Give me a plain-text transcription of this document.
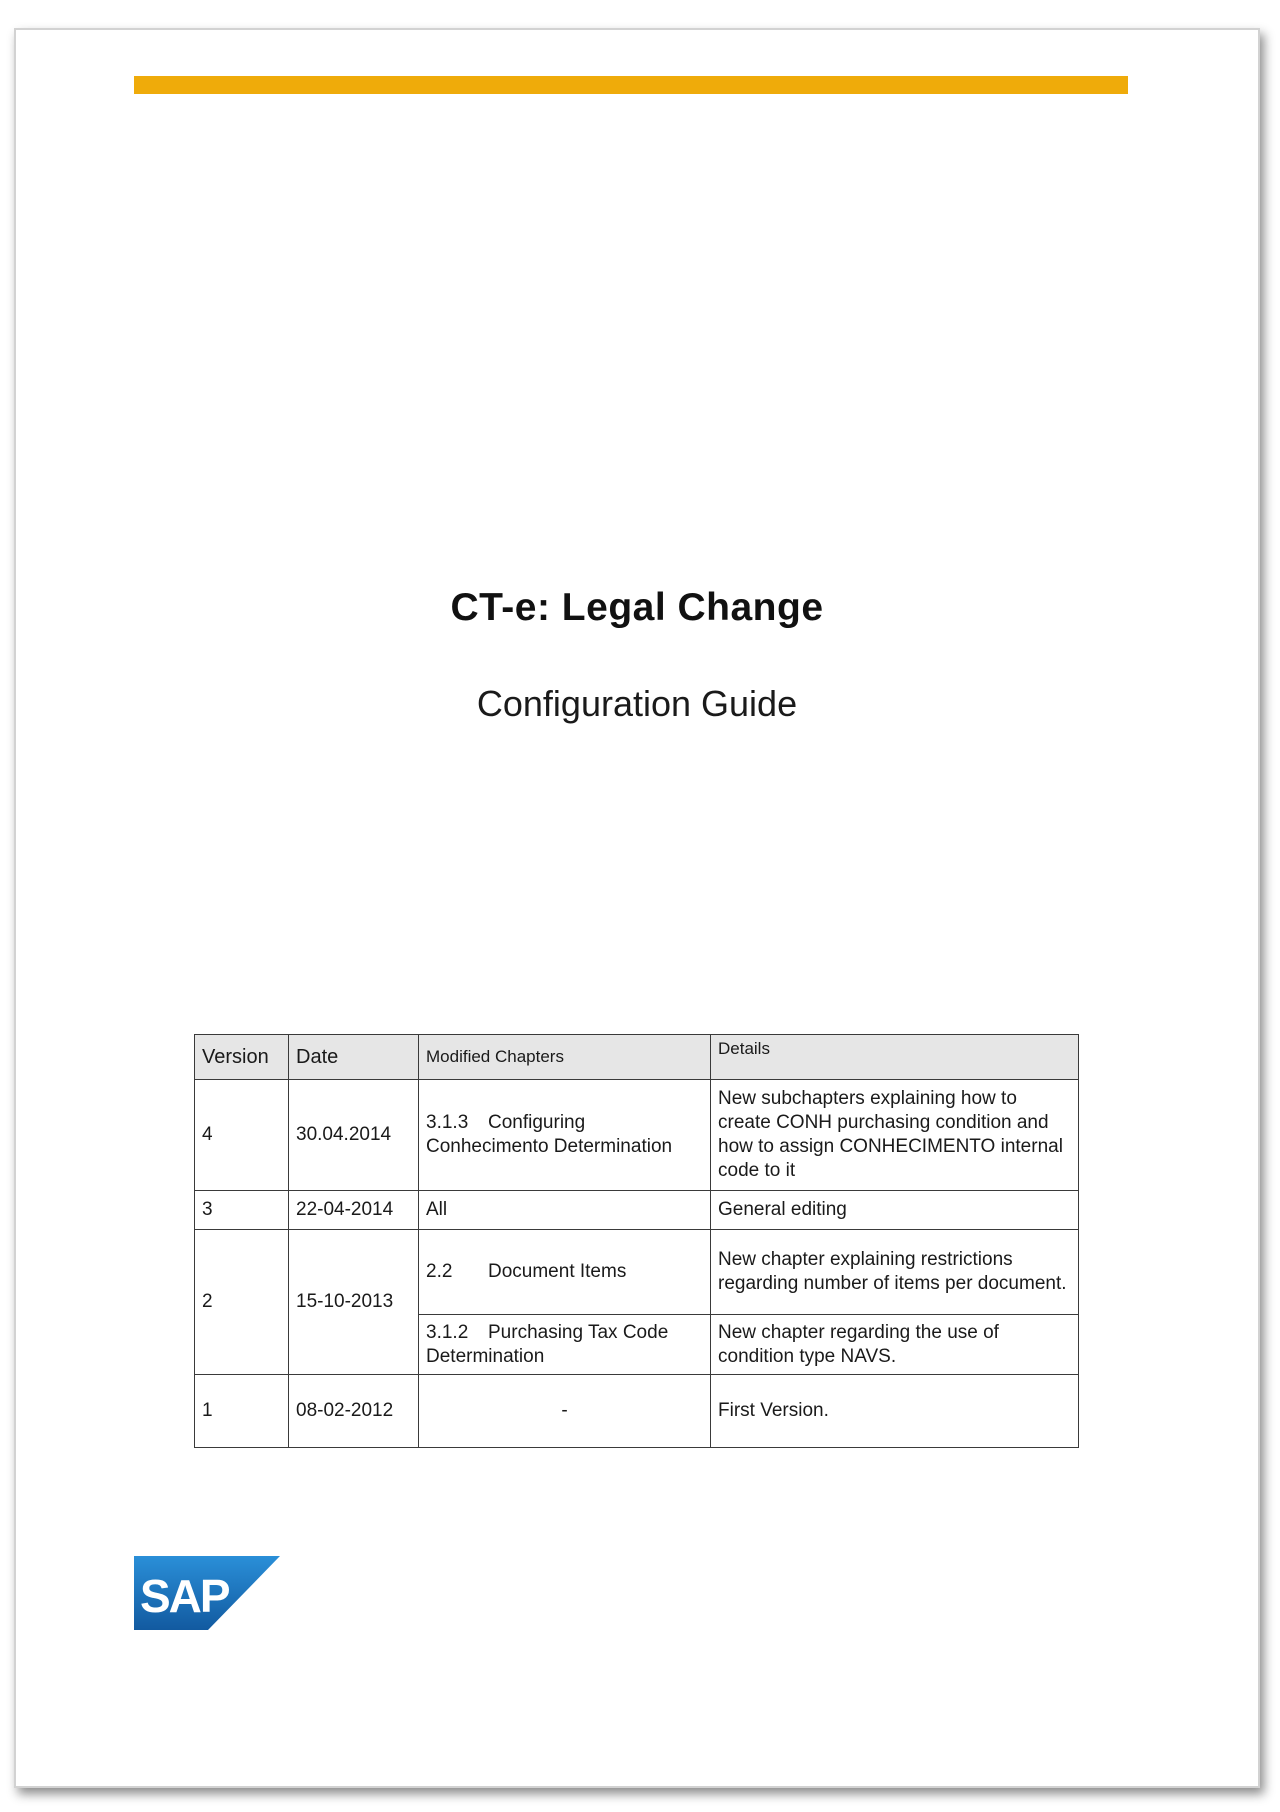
CT-e: Legal Change
Configuration Guide
Version	Date	Modified Chapters	Details
4	30.04.2014	3.1.3 Configuring Conhecimento Determination	New subchapters explaining how to create CONH purchasing condition and how to assign CONHECIMENTO internal code to it
3	22-04-2014	All	General editing
2	15-10-2013	2.2 Document Items	New chapter explaining restrictions regarding number of items per document.
		3.1.2 Purchasing Tax Code Determination	New chapter regarding the use of condition type NAVS.
1	08-02-2012	-	First Version.
SAP
®
